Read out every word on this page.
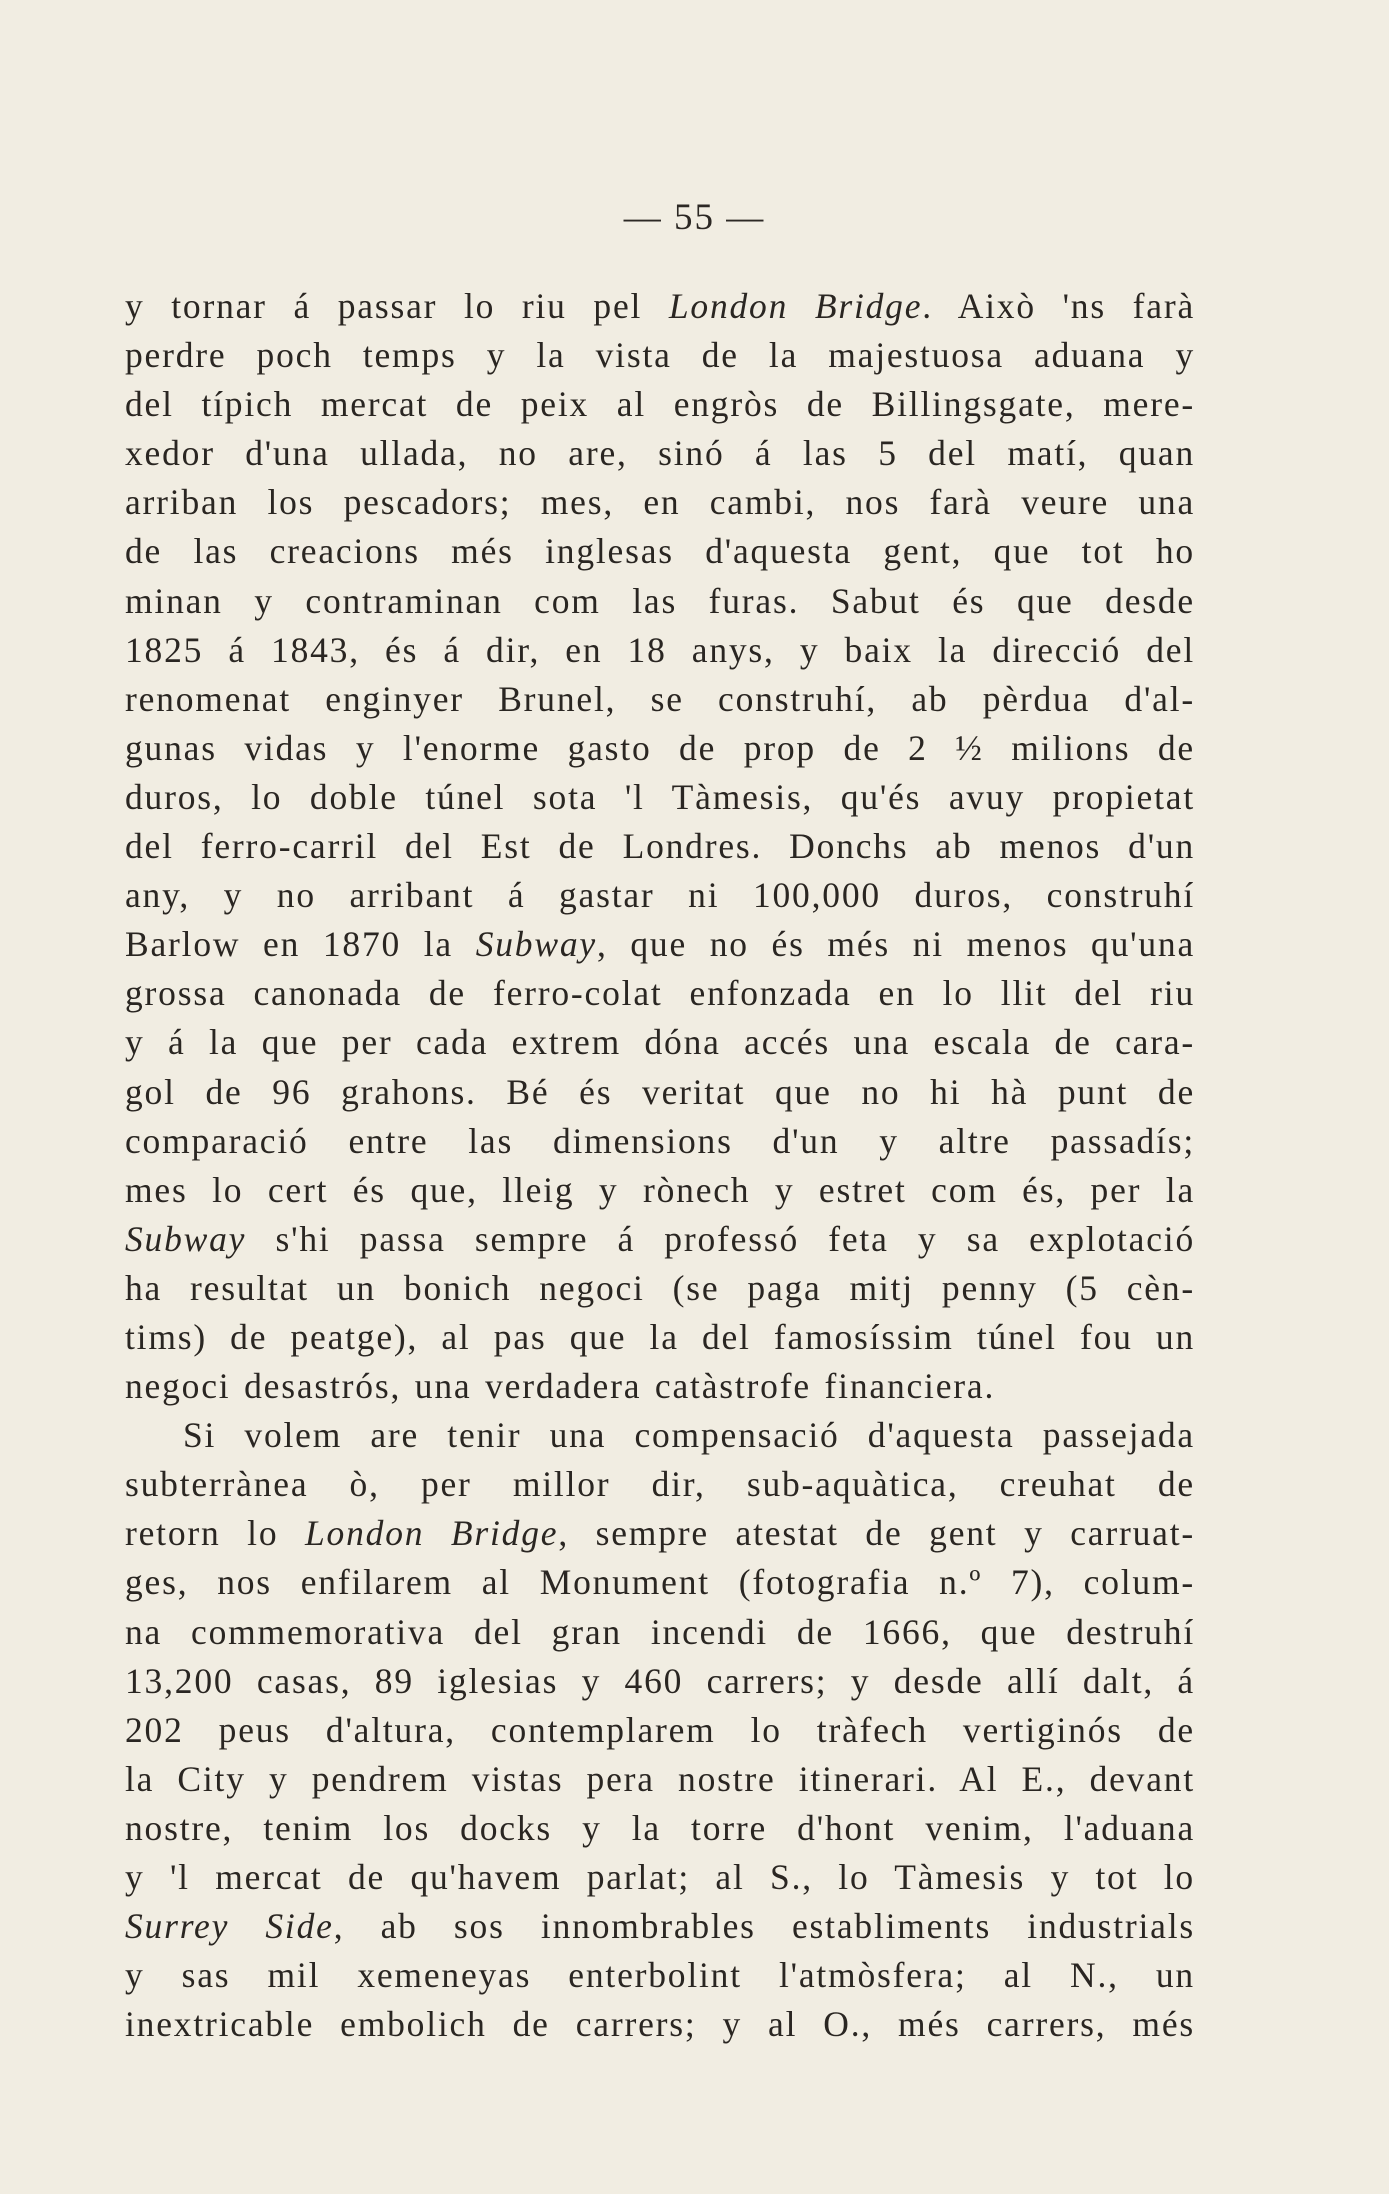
— 55 —
y tornar á passar lo riu pel London Bridge. Això 'ns farà
perdre poch temps y la vista de la majestuosa aduana y
del típich mercat de peix al engròs de Billingsgate, mere-
xedor d'una ullada, no are, sinó á las 5 del matí, quan
arriban los pescadors; mes, en cambi, nos farà veure una
de las creacions més inglesas d'aquesta gent, que tot ho
minan y contraminan com las furas. Sabut és que desde
1825 á 1843, és á dir, en 18 anys, y baix la direcció del
renomenat enginyer Brunel, se construhí, ab pèrdua d'al-
gunas vidas y l'enorme gasto de prop de 2 ½ milions de
duros, lo doble túnel sota 'l Tàmesis, qu'és avuy propietat
del ferro-carril del Est de Londres. Donchs ab menos d'un
any, y no arribant á gastar ni 100,000 duros, construhí
Barlow en 1870 la Subway, que no és més ni menos qu'una
grossa canonada de ferro-colat enfonzada en lo llit del riu
y á la que per cada extrem dóna accés una escala de cara-
gol de 96 grahons. Bé és veritat que no hi hà punt de
comparació entre las dimensions d'un y altre passadís;
mes lo cert és que, lleig y rònech y estret com és, per la
Subway s'hi passa sempre á professó feta y sa explotació
ha resultat un bonich negoci (se paga mitj penny (5 cèn-
tims) de peatge), al pas que la del famosíssim túnel fou un
negoci desastrós, una verdadera catàstrofe financiera.
Si volem are tenir una compensació d'aquesta passejada
subterrànea ò, per millor dir, sub-aquàtica, creuhat de
retorn lo London Bridge, sempre atestat de gent y carruat-
ges, nos enfilarem al Monument (fotografia n.º 7), colum-
na commemorativa del gran incendi de 1666, que destruhí
13,200 casas, 89 iglesias y 460 carrers; y desde allí dalt, á
202 peus d'altura, contemplarem lo tràfech vertiginós de
la City y pendrem vistas pera nostre itinerari. Al E., devant
nostre, tenim los docks y la torre d'hont venim, l'aduana
y 'l mercat de qu'havem parlat; al S., lo Tàmesis y tot lo
Surrey Side, ab sos innombrables establiments industrials
y sas mil xemeneyas enterbolint l'atmòsfera; al N., un
inextricable embolich de carrers; y al O., més carrers, més
